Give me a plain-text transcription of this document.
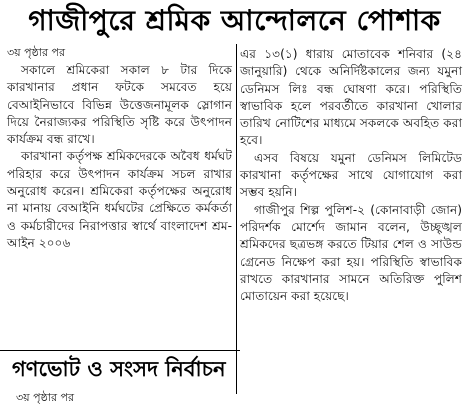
গাজীপুরে শ্রমিক আন্দোলনে পোশাক
৩য় পৃষ্ঠার পর

সকালে শ্রমিকেরা সকাল ৮ টার দিকে কারখানার প্রধান ফটকে সমবেত হয়ে বেআইনিভাবে বিভিন্ন উত্তেজনামূলক স্লোগান দিয়ে নৈরাজ্যকর পরিস্থিতি সৃষ্টি করে উৎপাদন কার্যক্রম বন্ধ রাখে।

কারখানা কর্তৃপক্ষ শ্রমিকদেরকে অবৈধ ধর্মঘট পরিহার করে উৎপাদন কার্যক্রম সচল রাখার অনুরোধ করেন। শ্রমিকেরা কর্তৃপক্ষের অনুরোধ না মানায় বেআইনি ধর্মঘটের প্রেক্ষিতে কর্মকর্তা ও কর্মচারীদের নিরাপত্তার স্বার্থে বাংলাদেশ শ্রম-আইন ২০০৬

এর ১৩(১) ধারায় মোতাবেক শনিবার (২৪ জানুয়ারি) থেকে অনির্দিষ্টকালের জন্য যমুনা ডেনিমস লিঃ বন্ধ ঘোষণা করে। পরিস্থিতি স্বাভাবিক হলে পরবর্তীতে কারখানা খোলার তারিখ নোটিশের মাধ্যমে সকলকে অবহিত করা হবে।

এসব বিষয়ে যমুনা ডেনিমস লিমিটেড কারখানা কর্তৃপক্ষের সাথে যোগাযোগ করা সম্ভব হয়নি।

গাজীপুর শিল্প পুলিশ-২ (কোনাবাড়ী জোন) পরিদর্শক মোর্শেদ জামান বলেন, উচ্ছৃঙ্খল শ্রমিকদের ছত্রভঙ্গ করতে টিয়ার শেল ও সাউন্ড গ্রেনেড নিক্ষেপ করা হয়। পরিস্থিতি স্বাভাবিক রাখতে কারখানার সামনে অতিরিক্ত পুলিশ মোতায়েন করা হয়েছে।

গণভোট ও সংসদ নির্বাচন
৩য় পৃষ্ঠার পর
